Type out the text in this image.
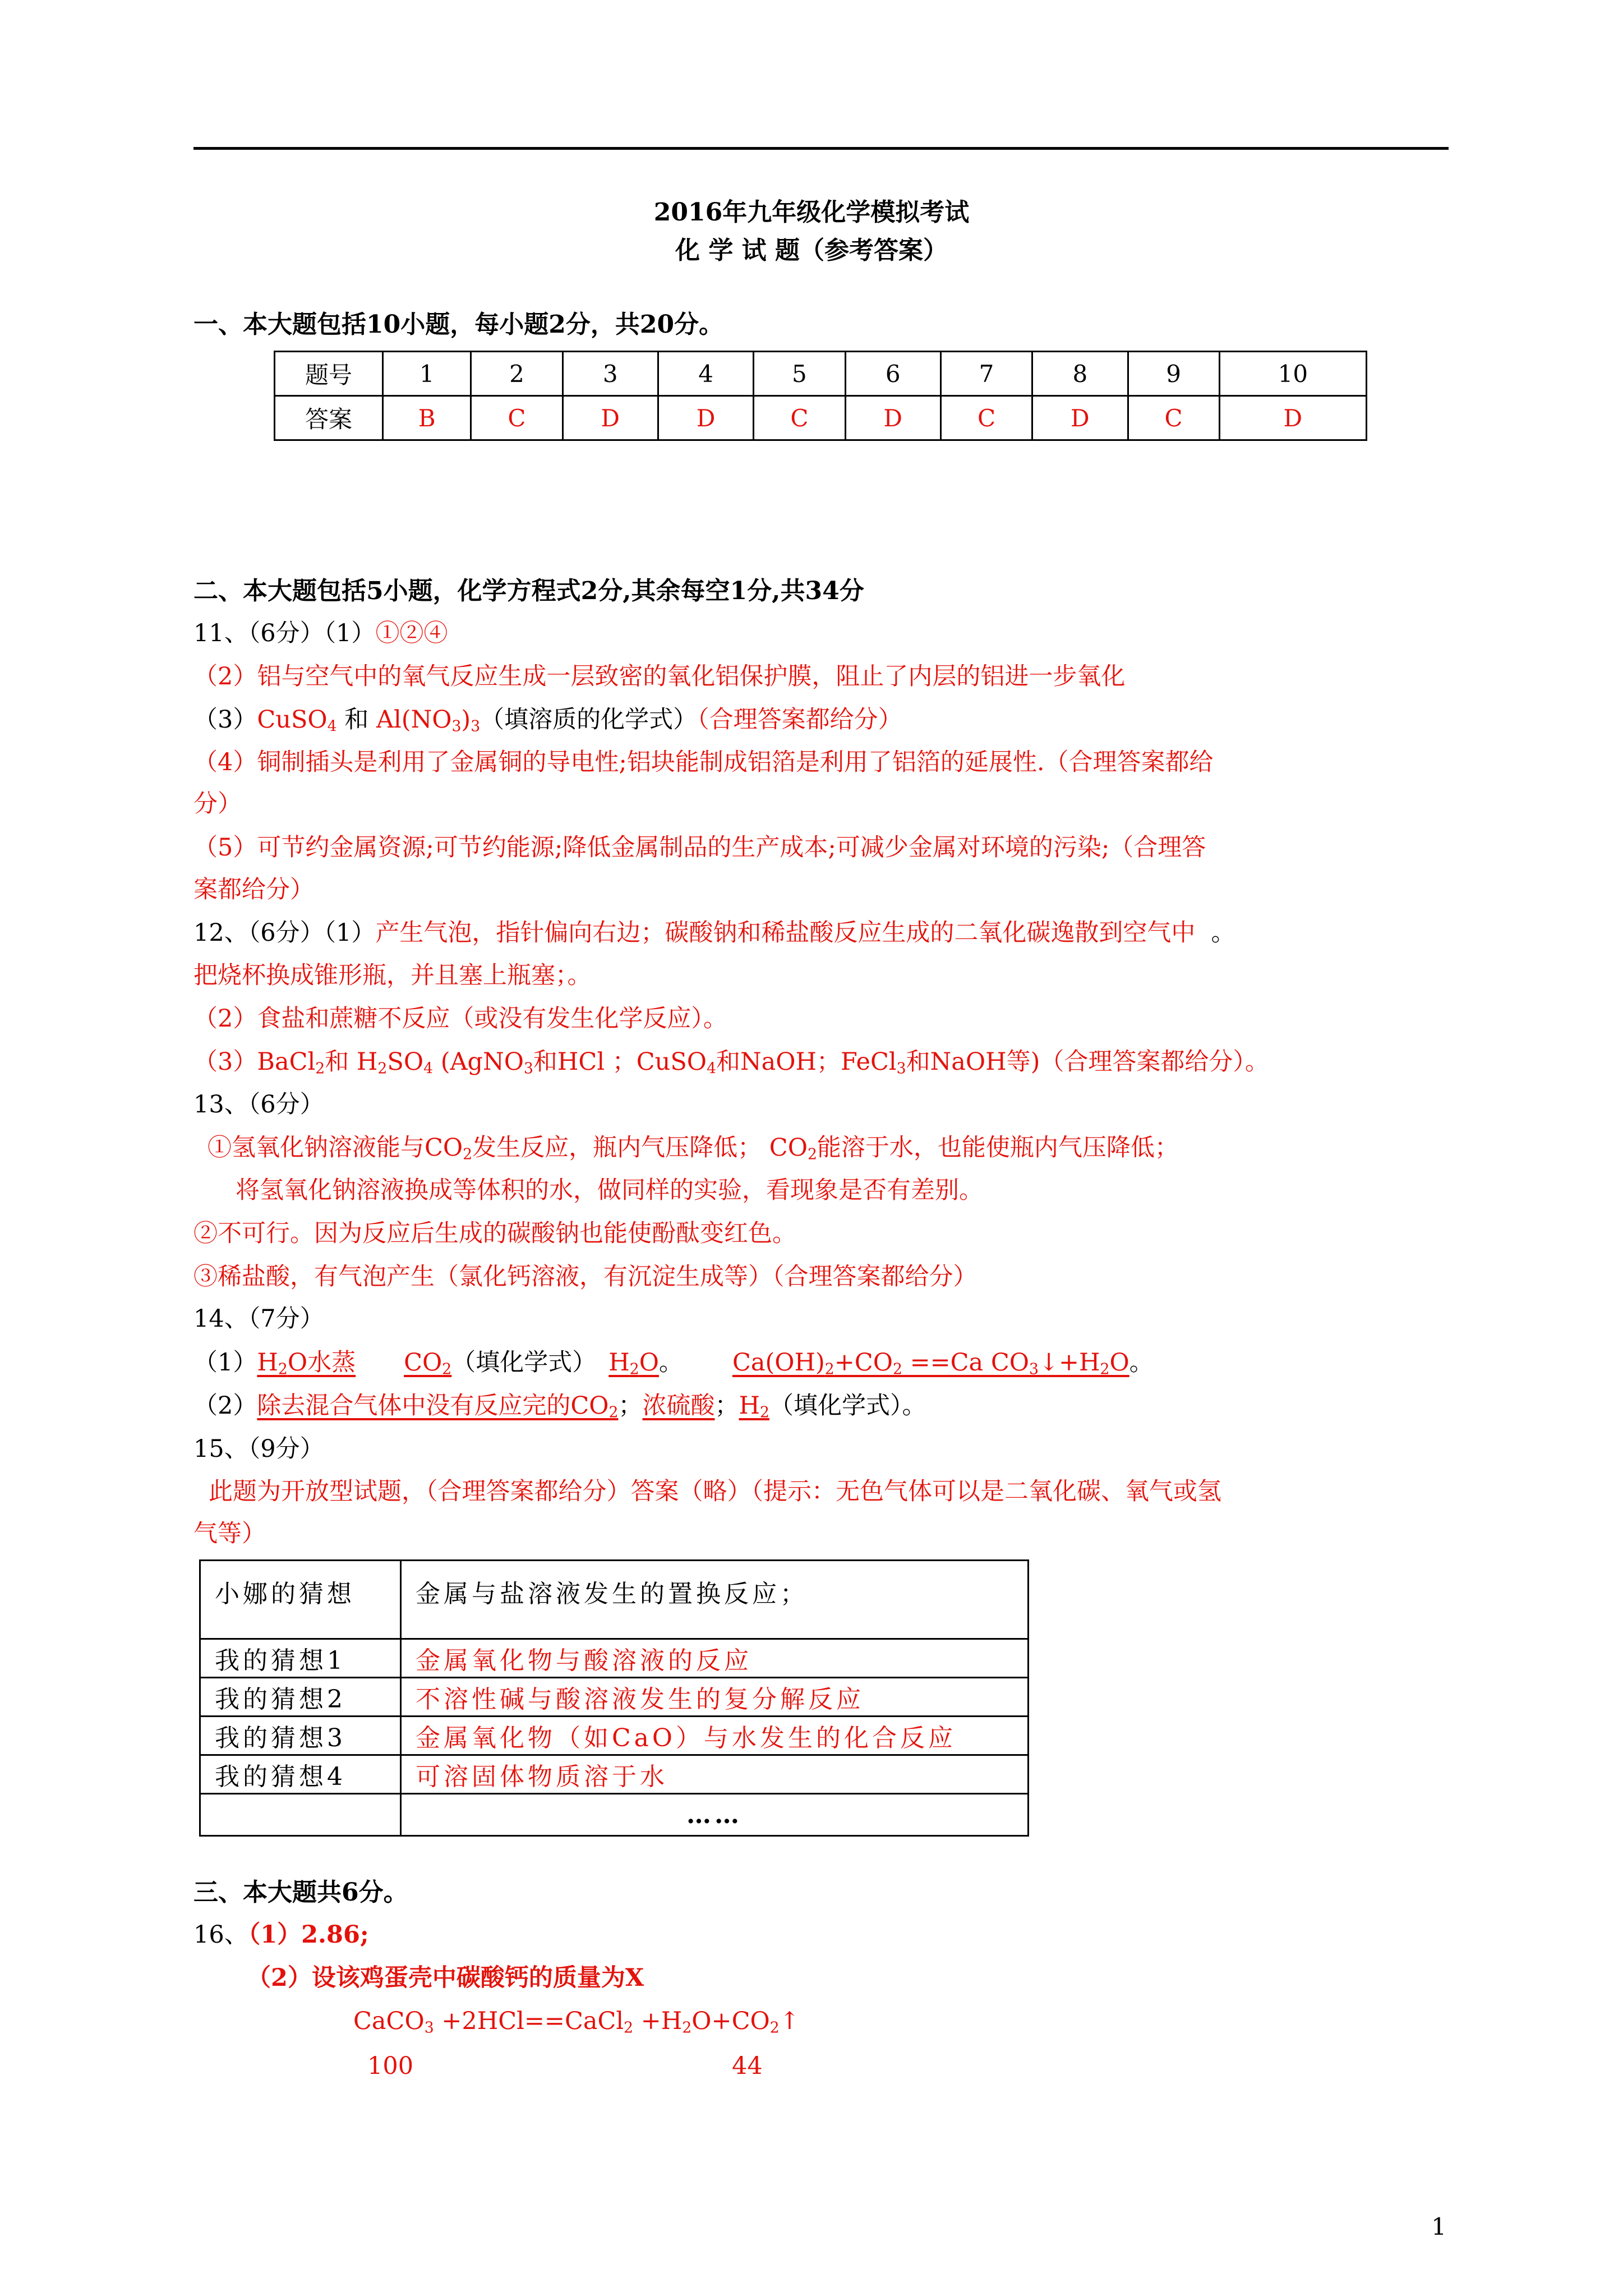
2016年九年级化学模拟考试
化 学 试 题（参考答案）
一、本大题包括10小题，每小题2分，共20分。
题号	1	2	3	4	5	6	7	8	9	10
答案	B	C	D	D	C	D	C	D	C	D
二、本大题包括5小题，化学方程式2分,其余每空1分,共34分
11、（6分）（1）①②④
（2）铝与空气中的氧气反应生成一层致密的氧化铝保护膜，阻止了内层的铝进一步氧化
（3）CuSO$_4$ 和 $Al(NO_3)_3$（填溶质的化学式）（合理答案都给分）
（4）铜制插头是利用了金属铜的导电性;铝块能制成铝箔是利用了铝箔的延展性.（合理答案都给
分）
（5）可节约金属资源;可节约能源;降低金属制品的生产成本;可减少金属对环境的污染;（合理答
案都给分）
12、（6分）（1）产生气泡，指针偏向右边；碳酸钠和稀盐酸反应生成的二氧化碳逸散到空气中 。
把烧杯换成锥形瓶，并且塞上瓶塞；。
（2）食盐和蔗糖不反应（或没有发生化学反应）。
（3）BaCl$_2$和 $H_2SO_4$ (AgNO$_3$和HCl ；CuSO$_4$和NaOH；FeCl$_3$和NaOH等)（合理答案都给分）。
13、（6分）
①氢氧化钠溶液能与$CO_2$发生反应，瓶内气压降低； $CO_2$能溶于水，也能使瓶内气压降低；
将氢氧化钠溶液换成等体积的水，做同样的实验，看现象是否有差别。
②不可行。因为反应后生成的碳酸钠也能使酚酞变红色。
③稀盐酸，有气泡产生（氯化钙溶液，有沉淀生成等）（合理答案都给分）
14、（7分）
$(1)H_2O$水蒸 $CO_2$（填化学式） $H_2O$。 $Ca(OH)_2+CO_2 ==Ca$ $CO_3↓+H_2O$。
（2）除去混合气体中没有反应完的$CO_2$；浓硫酸；$H_2$（填化学式）。
15、（9分）
此题为开放型试题，（合理答案都给分）答案（略）（提示：无色气体可以是二氧化碳、氧气或氢
气等）
小娜的猜想	金属与盐溶液发生的置换反应；
我的猜想1	金属氧化物与酸溶液的反应
我的猜想2	不溶性碱与酸溶液发生的复分解反应
我的猜想3	金属氧化物（如CaO）与水发生的化合反应
我的猜想4	可溶固体物质溶于水
	……
三、本大题共6分。
16、（1）2.86;
（2）设该鸡蛋壳中碳酸钙的质量为X
CaCO$_3$ +2HCl==CaCl$_2$ $+H_2O+CO_2↑$
100	44
1
